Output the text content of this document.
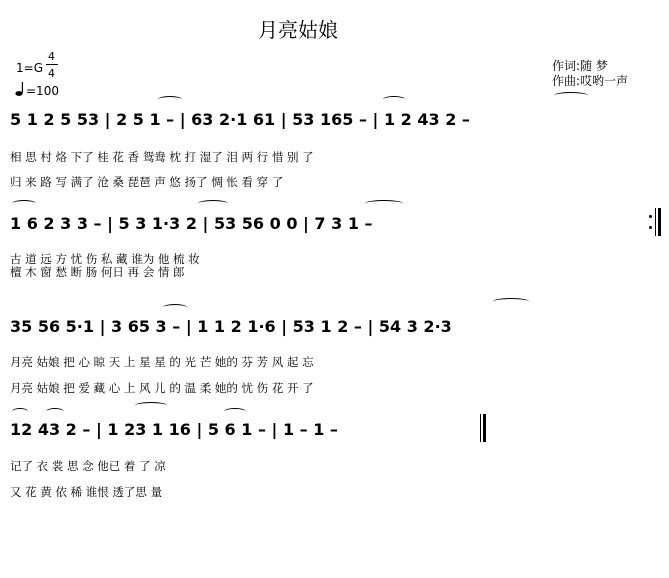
月亮姑娘
1=G
4
4
=100
作词:随 梦
作曲:哎哟一声
5 1 2 5 53 | 2 5 1 – | 63 2·1 61 | 53 165 – | 1 2 43 2 –
相 思 村 烙 下了 桂 花 香 鸳鸯 枕 打 湿了 泪 两 行 惜 别 了
归 来 路 写 满了 沧 桑 琵琶 声 悠 扬了 惆 怅 看 穿 了
1 6 2 3 3 – | 5 3 1·3 2 | 53 56 0 0 | 7 3 1 –
古 道 远 方 忧 伤 私 藏 谁为 他 梳 妆
檀 木 窗 愁 断 肠 何日 再 会 情 郎
35 56 5·1 | 3 65 3 – | 1 1 2 1·6 | 53 1 2 – | 54 3 2·3
月亮 姑娘 把 心 晾 天 上 星 星 的 光 芒 她的 芬 芳 风 起 忘
月亮 姑娘 把 爱 藏 心 上 风 儿 的 温 柔 她的 忧 伤 花 开 了
12 43 2 – | 1 23 1 16 | 5 6 1 – | 1 – 1 –
记了 衣 裳 思 念 他已 着 了 凉
又 花 黄 依 稀 谁恨 透了思 量
